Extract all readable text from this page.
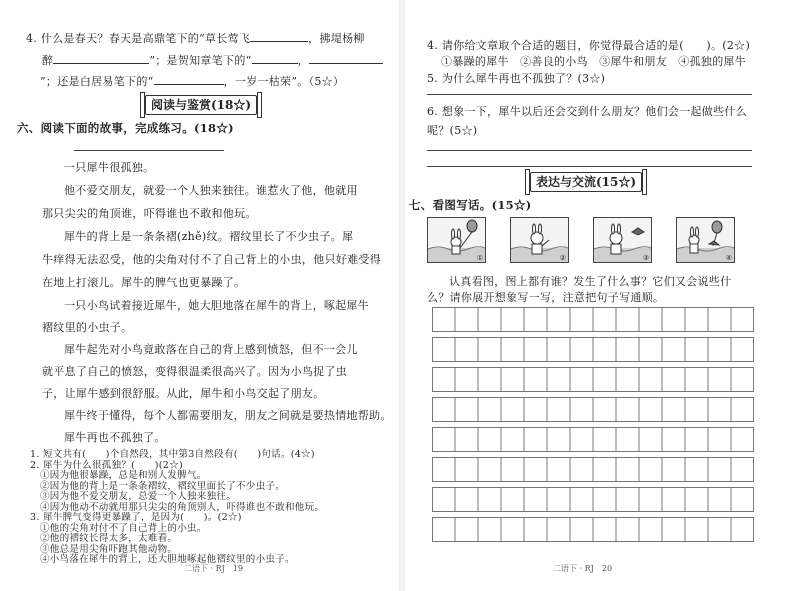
4. 什么是春天？春天是高鼎笔下的“草长莺飞	，拂堤杨柳
醉	”；是贺知章笔下的“	，
”；还是白居易笔下的“	，一岁一枯荣”。（5☆）
阅读与鉴赏(18☆)
六、阅读下面的故事，完成练习。(18☆)
一只犀牛很孤独。
他不爱交朋友，就爱一个人独来独往。谁惹火了他，他就用
那只尖尖的角顶谁，吓得谁也不敢和他玩。
犀牛的背上是一条条褶(zhě)纹。褶纹里长了不少虫子。犀
牛痒得无法忍受，他的尖角对付不了自己背上的小虫，他只好难受得
在地上打滚儿。犀牛的脾气也更暴躁了。
一只小鸟试着接近犀牛，她大胆地落在犀牛的背上，啄起犀牛
褶纹里的小虫子。
犀牛起先对小鸟竟敢落在自己的背上感到愤怒，但不一会儿
就平息了自己的愤怒，变得很温柔很高兴了。因为小鸟捉了虫
子，让犀牛感到很舒服。从此，犀牛和小鸟交起了朋友。
犀牛终于懂得，每个人都需要朋友，朋友之间就是要热情地帮助。
犀牛再也不孤独了。
二语下 · RJ　19
1. 短文共有(　　)个自然段，其中第3自然段有(　　)句话。(4☆)
2. 犀牛为什么很孤独？(　　)(2☆)
①因为他很暴躁，总是和别人发脾气。
②因为他的背上是一条条褶纹，褶纹里面长了不少虫子。
③因为他不爱交朋友，总爱一个人独来独往。
④因为他动不动就用那只尖尖的角顶别人，吓得谁也不敢和他玩。
3. 犀牛脾气变得更暴躁了，是因为(　　)。(2☆)
①他的尖角对付不了自己背上的小虫。
②他的褶纹长得太多，太难看。
③他总是用尖角吓跑其他动物。
④小鸟落在犀牛的背上，还大胆地啄起他褶纹里的小虫子。
4. 请你给文章取个合适的题目，你觉得最合适的是(　　)。(2☆)
①暴躁的犀牛　②善良的小鸟　③犀牛和朋友　④孤独的犀牛
5. 为什么犀牛再也不孤独了？(3☆)
6. 想象一下，犀牛以后还会交到什么朋友？他们会一起做些什么
呢？(5☆)
表达与交流(15☆)
七、看图写话。(15☆)
①	②	③	④
认真看图，图上都有谁？发生了什么事？它们又会说些什
么？请你展开想象写一写，注意把句子写通顺。
二语下 · RJ　20
